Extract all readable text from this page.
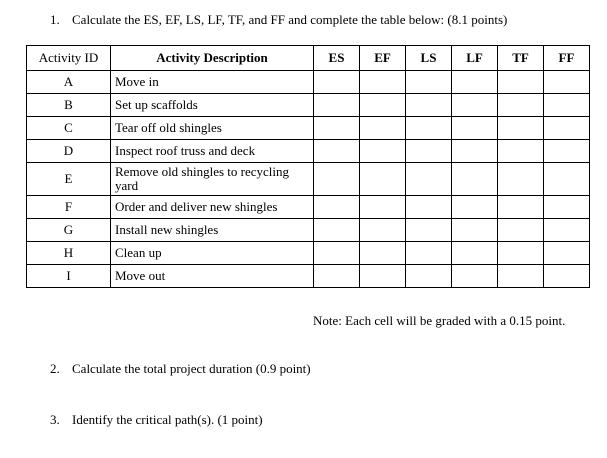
1. Calculate the ES, EF, LS, LF, TF, and FF and complete the table below: (8.1 points)
Activity ID	Activity Description	ES	EF	LS	LF	TF	FF
A	Move in						
B	Set up scaffolds						
C	Tear off old shingles						
D	Inspect roof truss and deck						
E	Remove old shingles to recycling yard						
F	Order and deliver new shingles						
G	Install new shingles						
H	Clean up						
I	Move out						
Note: Each cell will be graded with a 0.15 point.
2. Calculate the total project duration (0.9 point)
3. Identify the critical path(s). (1 point)
